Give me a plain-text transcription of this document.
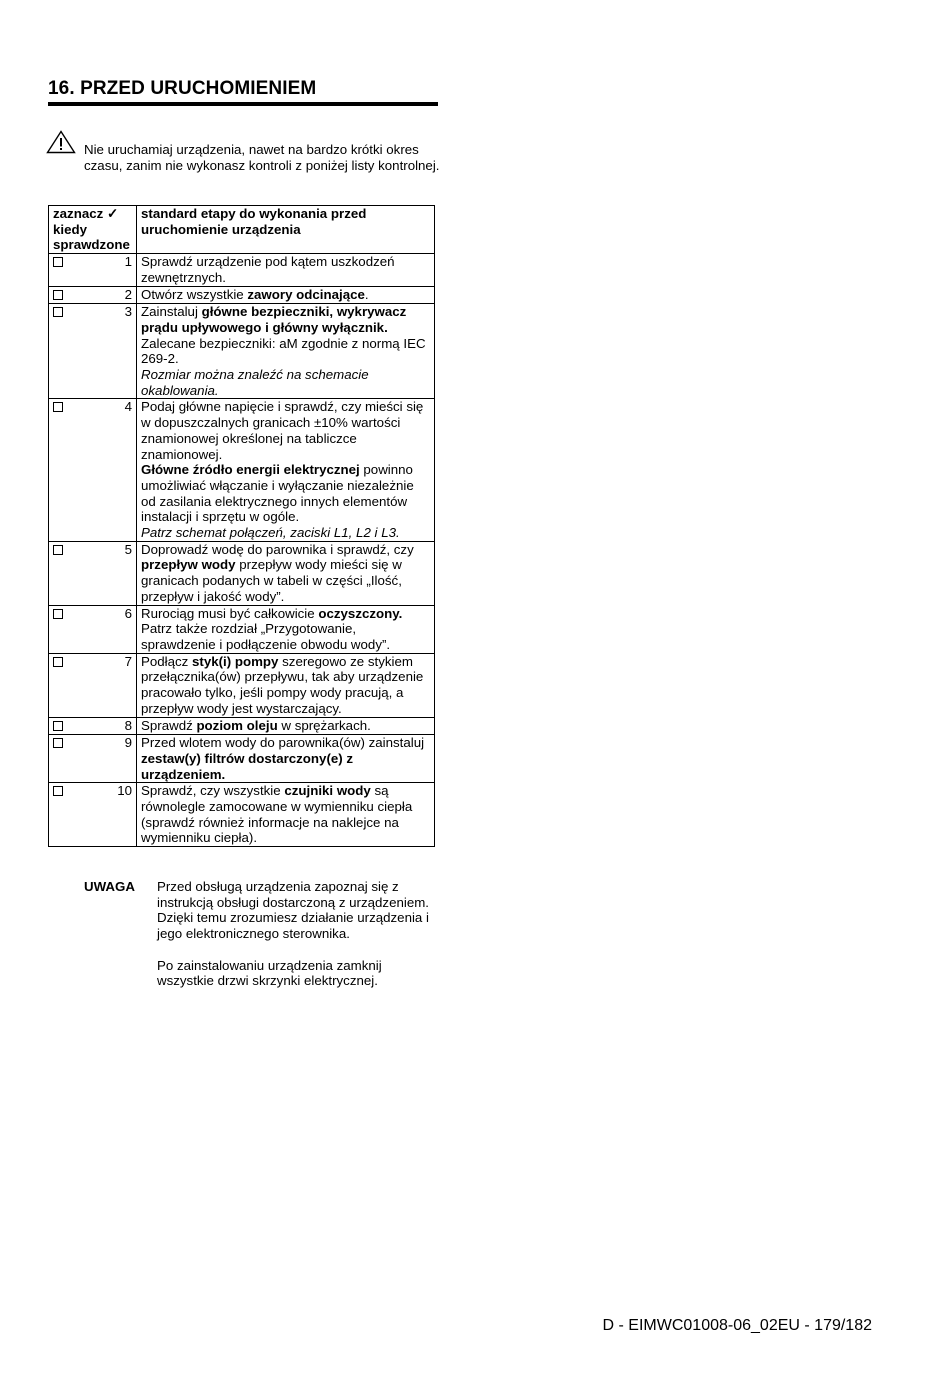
16. PRZED URUCHOMIENIEM
Nie uruchamiaj urządzenia, nawet na bardzo krótki okres czasu, zanim nie wykonasz kontroli z poniżej listy kontrolnej.
zaznacz ✓ kiedy sprawdzone	standard etapy do wykonania przed uruchomienie urządzenia

1	Sprawdź urządzenie pod kątem uszkodzeń zewnętrznych.

2	Otwórz wszystkie zawory odcinające.

3	Zainstaluj główne bezpieczniki, wykrywacz prądu upływowego i główny wyłącznik.
Zalecane bezpieczniki: aM zgodnie z normą IEC 269-2.
Rozmiar można znaleźć na schemacie okablowania.

4	Podaj główne napięcie i sprawdź, czy mieści się w dopuszczalnych granicach ±10% wartości znamionowej określonej na tabliczce znamionowej.
Główne źródło energii elektrycznej powinno umożliwiać włączanie i wyłączanie niezależnie od zasilania elektrycznego innych elementów instalacji i sprzętu w ogóle.
Patrz schemat połączeń, zaciski L1, L2 i L3.

5	Doprowadź wodę do parownika i sprawdź, czy przepływ wody przepływ wody mieści się w granicach podanych w tabeli w części „Ilość, przepływ i jakość wody”.

6	Rurociąg musi być całkowicie oczyszczony.
Patrz także rozdział „Przygotowanie, sprawdzenie i podłączenie obwodu wody”.

7	Podłącz styk(i) pompy szeregowo ze stykiem przełącznika(ów) przepływu, tak aby urządzenie pracowało tylko, jeśli pompy wody pracują, a przepływ wody jest wystarczający.

8	Sprawdź poziom oleju w sprężarkach.

9	Przed wlotem wody do parownika(ów) zainstaluj zestaw(y) filtrów dostarczony(e) z urządzeniem.

10	Sprawdź, czy wszystkie czujniki wody są równolegle zamocowane w wymienniku ciepła (sprawdź również informacje na naklejce na wymienniku ciepła).
UWAGA Przed obsługą urządzenia zapoznaj się z instrukcją obsługi dostarczoną z urządzeniem. Dzięki temu zrozumiesz działanie urządzenia i jego elektronicznego sterownika.

Po zainstalowaniu urządzenia zamknij wszystkie drzwi skrzynki elektrycznej.

D - EIMWC01008-06_02EU - 179/182
